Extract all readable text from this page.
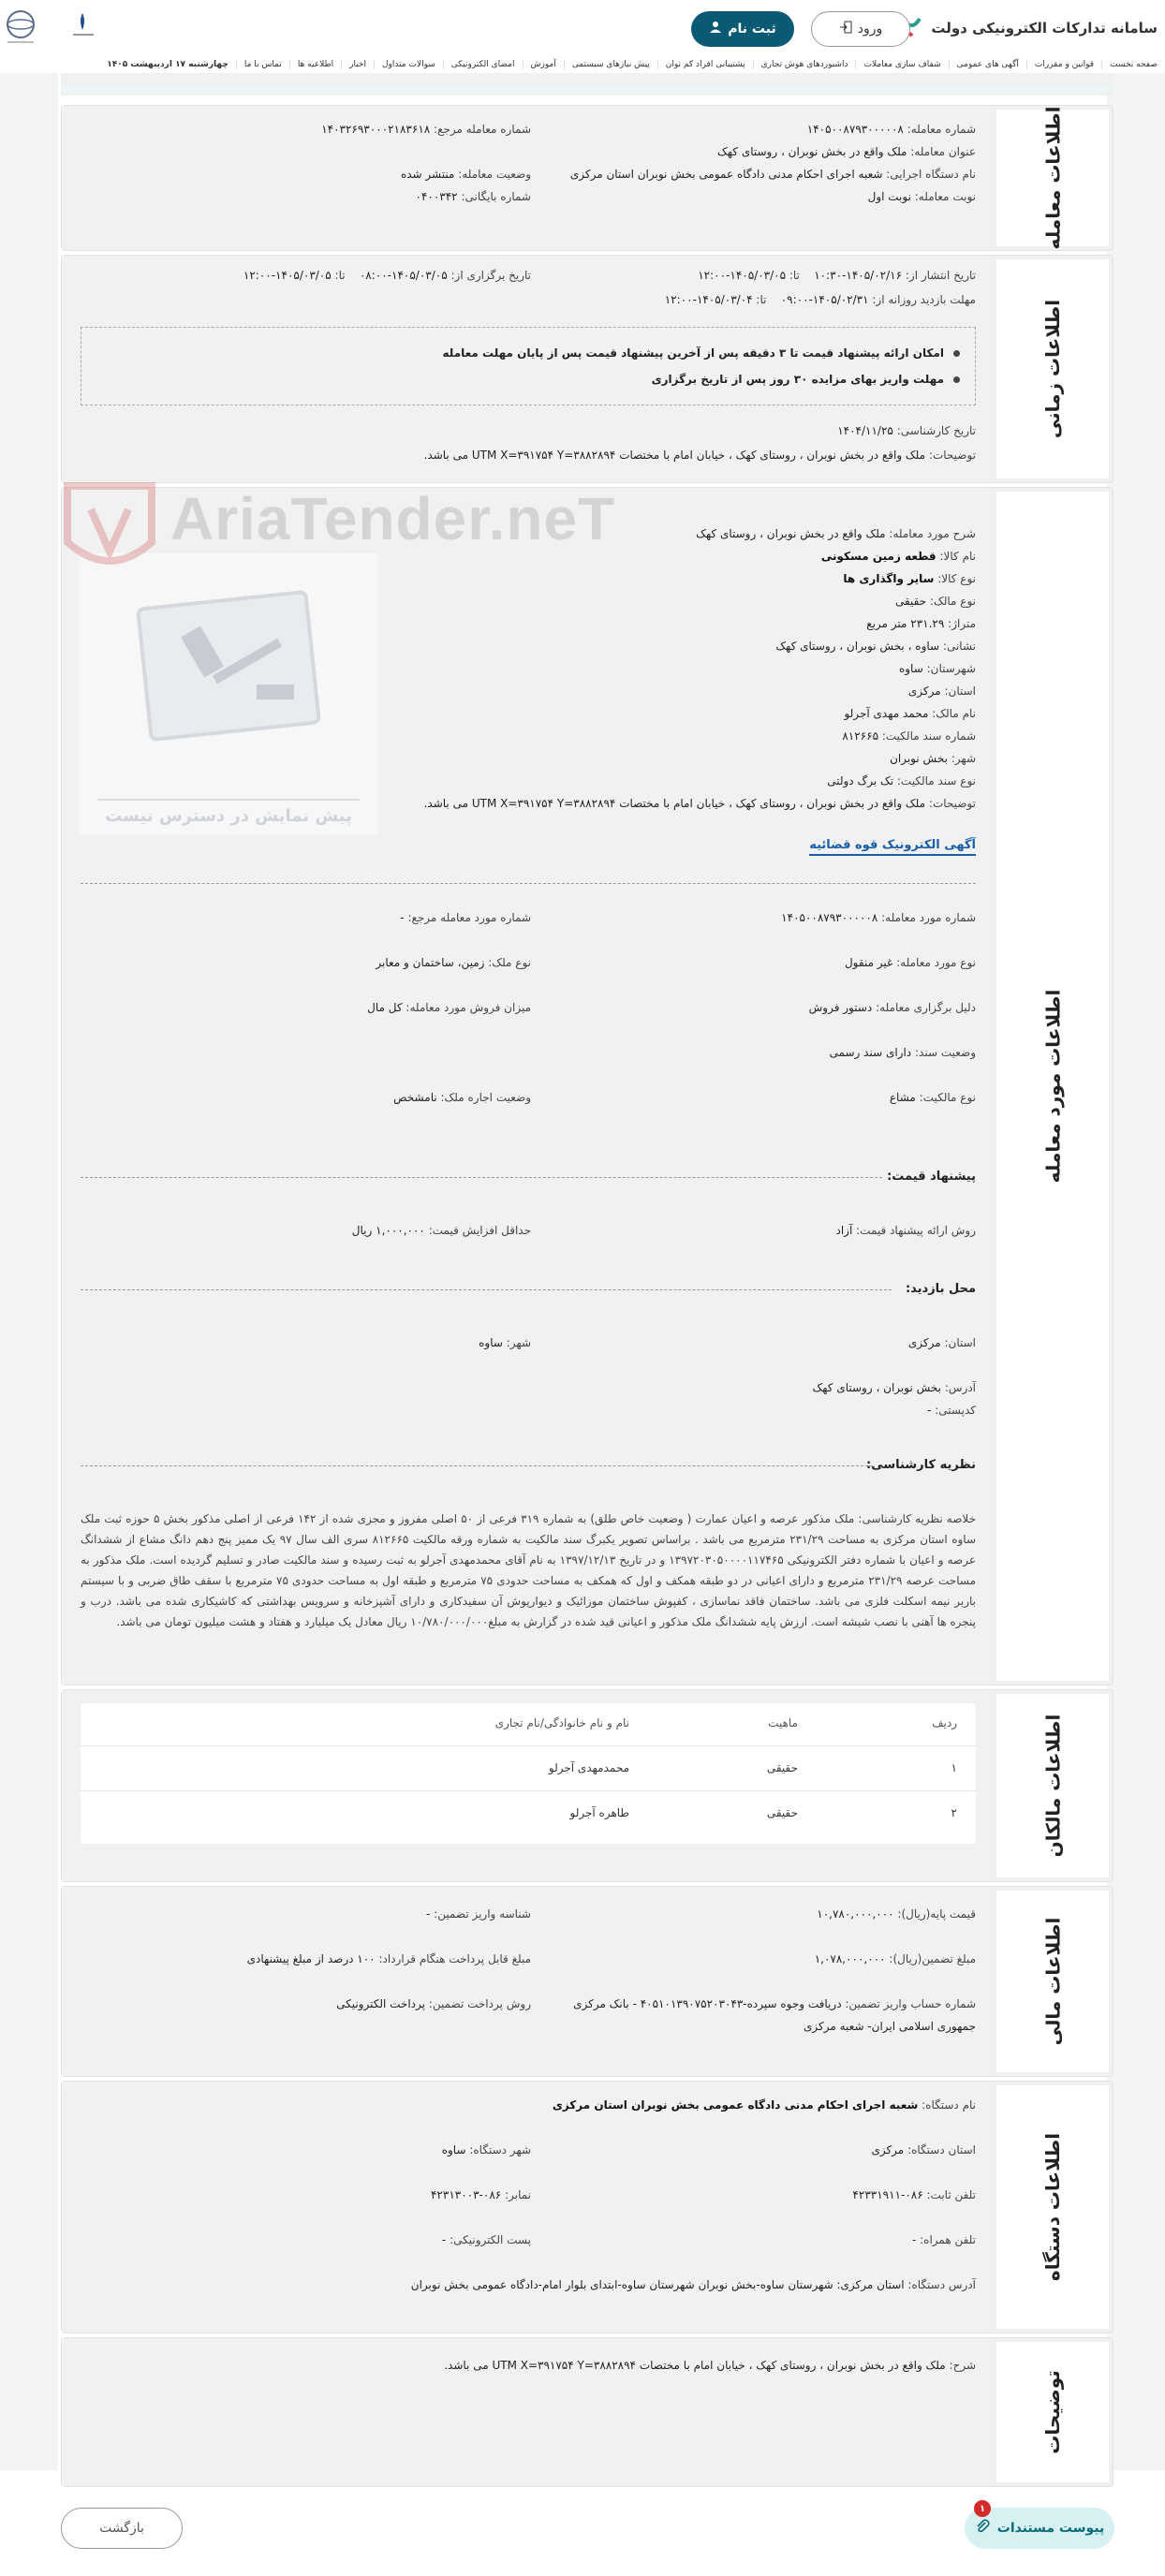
سامانه تدارکات الکترونیکی دولت
ثبت نام	ورود
صفحه نخست
قوانین و مقررات
آگهی های عمومی
شفاف سازی معاملات
داشبوردهای هوش تجاری
پشتیبانی افراد کم توان
پیش نیازهای سیستمی
آموزش
امضای الکترونیکی
سوالات متداول
اخبار
اطلاعیه ها
تماس با ما
چهارشنبه ۱۷ اردیبهشت ۱۴۰۵
اطلاعات معامله
شماره معامله: ۱۴۰۵۰۰۸۷۹۳۰۰۰۰۰۸
شماره معامله مرجع: ۱۴۰۳۲۶۹۳۰۰۰۲۱۸۳۶۱۸
عنوان معامله: ملک واقع در بخش نوبران ، روستای کهک
نام دستگاه اجرایی: شعبه اجرای احکام مدنی دادگاه عمومی بخش نوبران استان مرکزی
وضعیت معامله: منتشر شده
نوبت معامله: نوبت اول
شماره بایگانی: ۰۴۰۰۳۴۲
اطلاعات زمانی
تاریخ انتشار از: ۱۴۰۵/۰۲/۱۶-۱۰:۳۰    تا: ۱۴۰۵/۰۳/۰۵-۱۲:۰۰
تاریخ برگزاری از: ۱۴۰۵/۰۳/۰۵-۰۸:۰۰    تا: ۱۴۰۵/۰۳/۰۵-۱۲:۰۰
مهلت بازدید روزانه از: ۱۴۰۵/۰۲/۳۱-۰۹:۰۰    تا: ۱۴۰۵/۰۳/۰۴-۱۲:۰۰
امکان ارائه پیشنهاد قیمت تا ۳ دقیقه پس از آخرین پیشنهاد قیمت پس از پایان مهلت معامله
مهلت واریز بهای مزایده ۳۰ روز پس از تاریخ برگزاری
تاریخ کارشناسی: ۱۴۰۴/۱۱/۲۵
توضیحات: ملک واقع در بخش نوبران ، روستای کهک ، خیابان امام با مختصات UTM X=۳۹۱۷۵۴ Y=۳۸۸۲۸۹۴ می باشد.
اطلاعات مورد معامله
شرح مورد معامله: ملک واقع در بخش نوبران ، روستای کهک
نام کالا: قطعه زمین مسکونی
نوع کالا: سایر واگذاری ها
نوع مالک: حقیقی
متراژ: ۲۳۱.۲۹ متر مربع
نشانی: ساوه ، بخش نوبران ، روستای کهک
شهرستان: ساوه
استان: مرکزی
نام مالک: محمد مهدی آجرلو
شماره سند مالکیت: ۸۱۲۶۶۵
شهر: بخش نوبران
نوع سند مالکیت: تک برگ دولتی
توضیحات: ملک واقع در بخش نوبران ، روستای کهک ، خیابان امام با مختصات UTM X=۳۹۱۷۵۴ Y=۳۸۸۲۸۹۴ می باشد.
پیش نمایش در دسترس نیست
AriaTender.neT
آگهی الکترونیک قوه قضائیه
شماره مورد معامله: ۱۴۰۵۰۰۸۷۹۳۰۰۰۰۰۸
شماره مورد معامله مرجع: -
نوع مورد معامله: غیر منقول
نوع ملک: زمین، ساختمان و معابر
دلیل برگزاری معامله: دستور فروش
میزان فروش مورد معامله: کل مال
وضعیت سند: دارای سند رسمی
نوع مالکیت: مشاع
وضعیت اجاره ملک: نامشخص
پیشنهاد قیمت:
روش ارائه پیشنهاد قیمت: آزاد
حداقل افزایش قیمت: ۱,۰۰۰,۰۰۰ ریال
محل بازدید:
استان: مرکزی
شهر: ساوه
آدرس: بخش نوبران ، روستای کهک
کدپستی: -
نظریه کارشناسی:
خلاصه نظریه کارشناسی: ملک مذکور عرصه و اعیان عمارت ( وضعیت خاص طلق) به شماره ۳۱۹ فرعی از ۵۰ اصلی مفروز و مجزی شده از ۱۴۲ فرعی از اصلی مذکور بخش ۵ حوزه ثبت ملک ساوه استان مرکزی به مساحت ۲۳۱/۲۹ مترمربع می باشد . براساس تصویر یکبرگ سند مالکیت به شماره ورقه مالکیت ۸۱۲۶۶۵ سری الف سال ۹۷ یک ممیز پنج دهم دانگ مشاع از ششدانگ عرصه و اعیان با شماره دفتر الکترونیکی ۱۳۹۷۲۰۳۰۵۰۰۰۰۱۱۷۴۶۵ و در تاریخ ۱۳۹۷/۱۲/۱۳ به نام آقای محمدمهدی آجرلو به ثبت رسیده و سند مالکیت صادر و تسلیم گردیده است. ملک مذکور به مساحت عرصه ۲۳۱/۲۹ مترمربع و دارای اعیانی در دو طبقه همکف و اول که همکف به مساحت حدودی ۷۵ مترمربع و طبقه اول به مساحت حدودی ۷۵ مترمربع با سقف طاق ضربی و با سیستم باربر نیمه اسکلت فلزی می باشد. ساختمان فاقد نماسازی ، کفپوش ساختمان موزائیک و دیوارپوش آن سفیدکاری و دارای آشپزخانه و سرویس بهداشتی که کاشیکاری شده می باشد. درب و پنجره ها آهنی با نصب شیشه است. ارزش پایه ششدانگ ملک مذکور و اعیانی قید شده در گزارش به مبلغ۱۰/۷۸۰/۰۰۰/۰۰۰ ریال معادل یک میلیارد و هفتاد و هشت میلیون تومان می باشد.
اطلاعات مالکان
ردیف
ماهیت
نام و نام خانوادگی/نام تجاری
۱
حقیقی
محمدمهدی آجرلو
۲
حقیقی
طاهره آجرلو
اطلاعات مالی
قیمت پایه(ریال): ۱۰,۷۸۰,۰۰۰,۰۰۰
شناسه واریز تضمین: -
مبلغ تضمین(ریال): ۱,۰۷۸,۰۰۰,۰۰۰
مبلغ قابل پرداخت هنگام قرارداد: ۱۰۰ درصد از مبلغ پیشنهادی
شماره حساب واریز تضمین: دریافت وجوه سپرده-۴۰۵۱۰۱۳۹۰۷۵۲۰۳۰۴۳ - بانک مرکزی
جمهوری اسلامی ایران- شعبه مرکزی
روش پرداخت تضمین: پرداخت الکترونیکی
اطلاعات دستگاه
نام دستگاه: شعبه اجرای احکام مدنی دادگاه عمومی بخش نوبران استان مرکزی
استان دستگاه: مرکزی
شهر دستگاه: ساوه
تلفن ثابت: ۰۸۶-۴۲۳۳۱۹۱۱
نمابر: ۰۸۶-۴۲۳۱۳۰۰۳
تلفن همراه: -
پست الکترونیکی: -
آدرس دستگاه: استان مرکزی: شهرستان ساوه-بخش نوبران شهرستان ساوه-ابتدای بلوار امام-دادگاه عمومی بخش نوبران
توضیحات
شرح: ملک واقع در بخش نوبران ، روستای کهک ، خیابان امام با مختصات UTM X=۳۹۱۷۵۴ Y=۳۸۸۲۸۹۴ می باشد.
بازگشت	پیوست مستندات
۱
